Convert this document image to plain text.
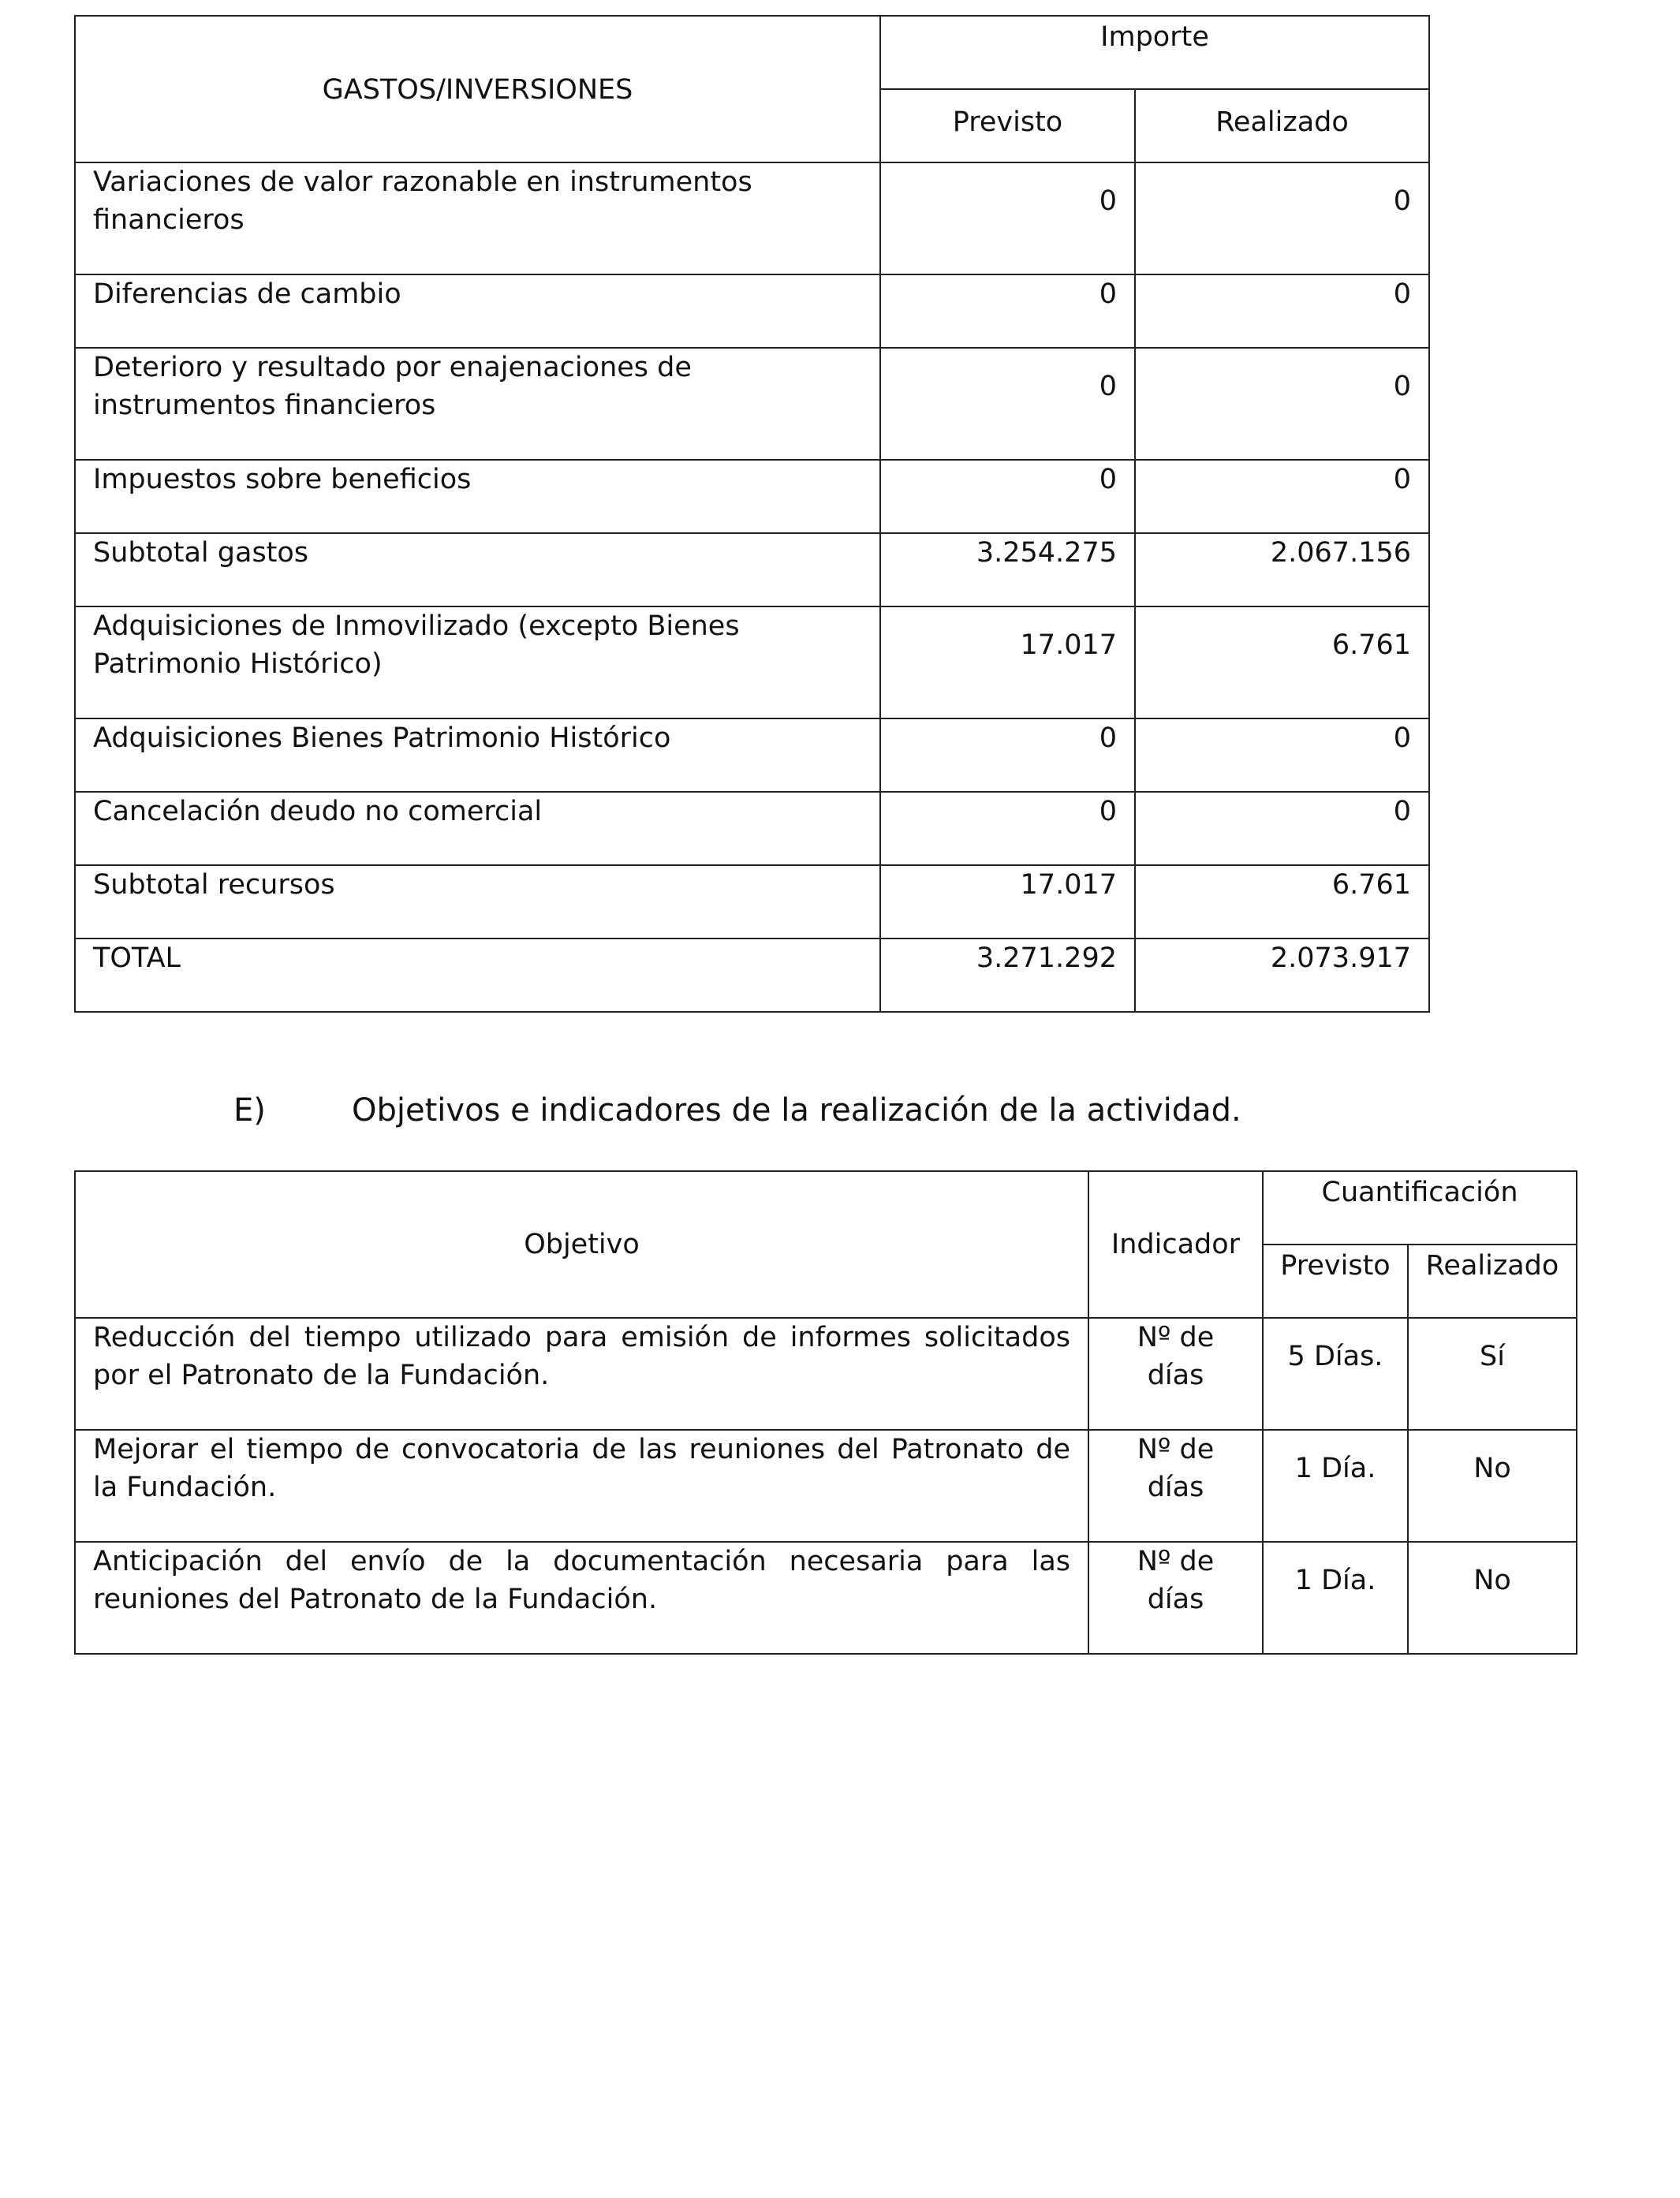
GASTOS/INVERSIONES	Importe	
	Previsto	Realizado
Variaciones de valor razonable en instrumentos financieros	0	0
Diferencias de cambio	0	0
Deterioro y resultado por enajenaciones de instrumentos financieros	0	0
Impuestos sobre beneficios	0	0
Subtotal gastos	3.254.275	2.067.156
Adquisiciones de Inmovilizado (excepto Bienes Patrimonio Histórico)	17.017	6.761
Adquisiciones Bienes Patrimonio Histórico	0	0
Cancelación deudo no comercial	0	0
Subtotal recursos	17.017	6.761
TOTAL	3.271.292	2.073.917
E)	Objetivos e indicadores de la realización de la actividad.
Objetivo	Indicador	Cuantificación	
		Previsto	Realizado
Reducción del tiempo utilizado para emisión de informes solicitados por el Patronato de la Fundación.	Nº de días	5 Días.	Sí
Mejorar el tiempo de convocatoria de las reuniones del Patronato de la Fundación.	Nº de días	1 Día.	No
Anticipación del envío de la documentación necesaria para las reuniones del Patronato de la Fundación.	Nº de días	1 Día.	No
